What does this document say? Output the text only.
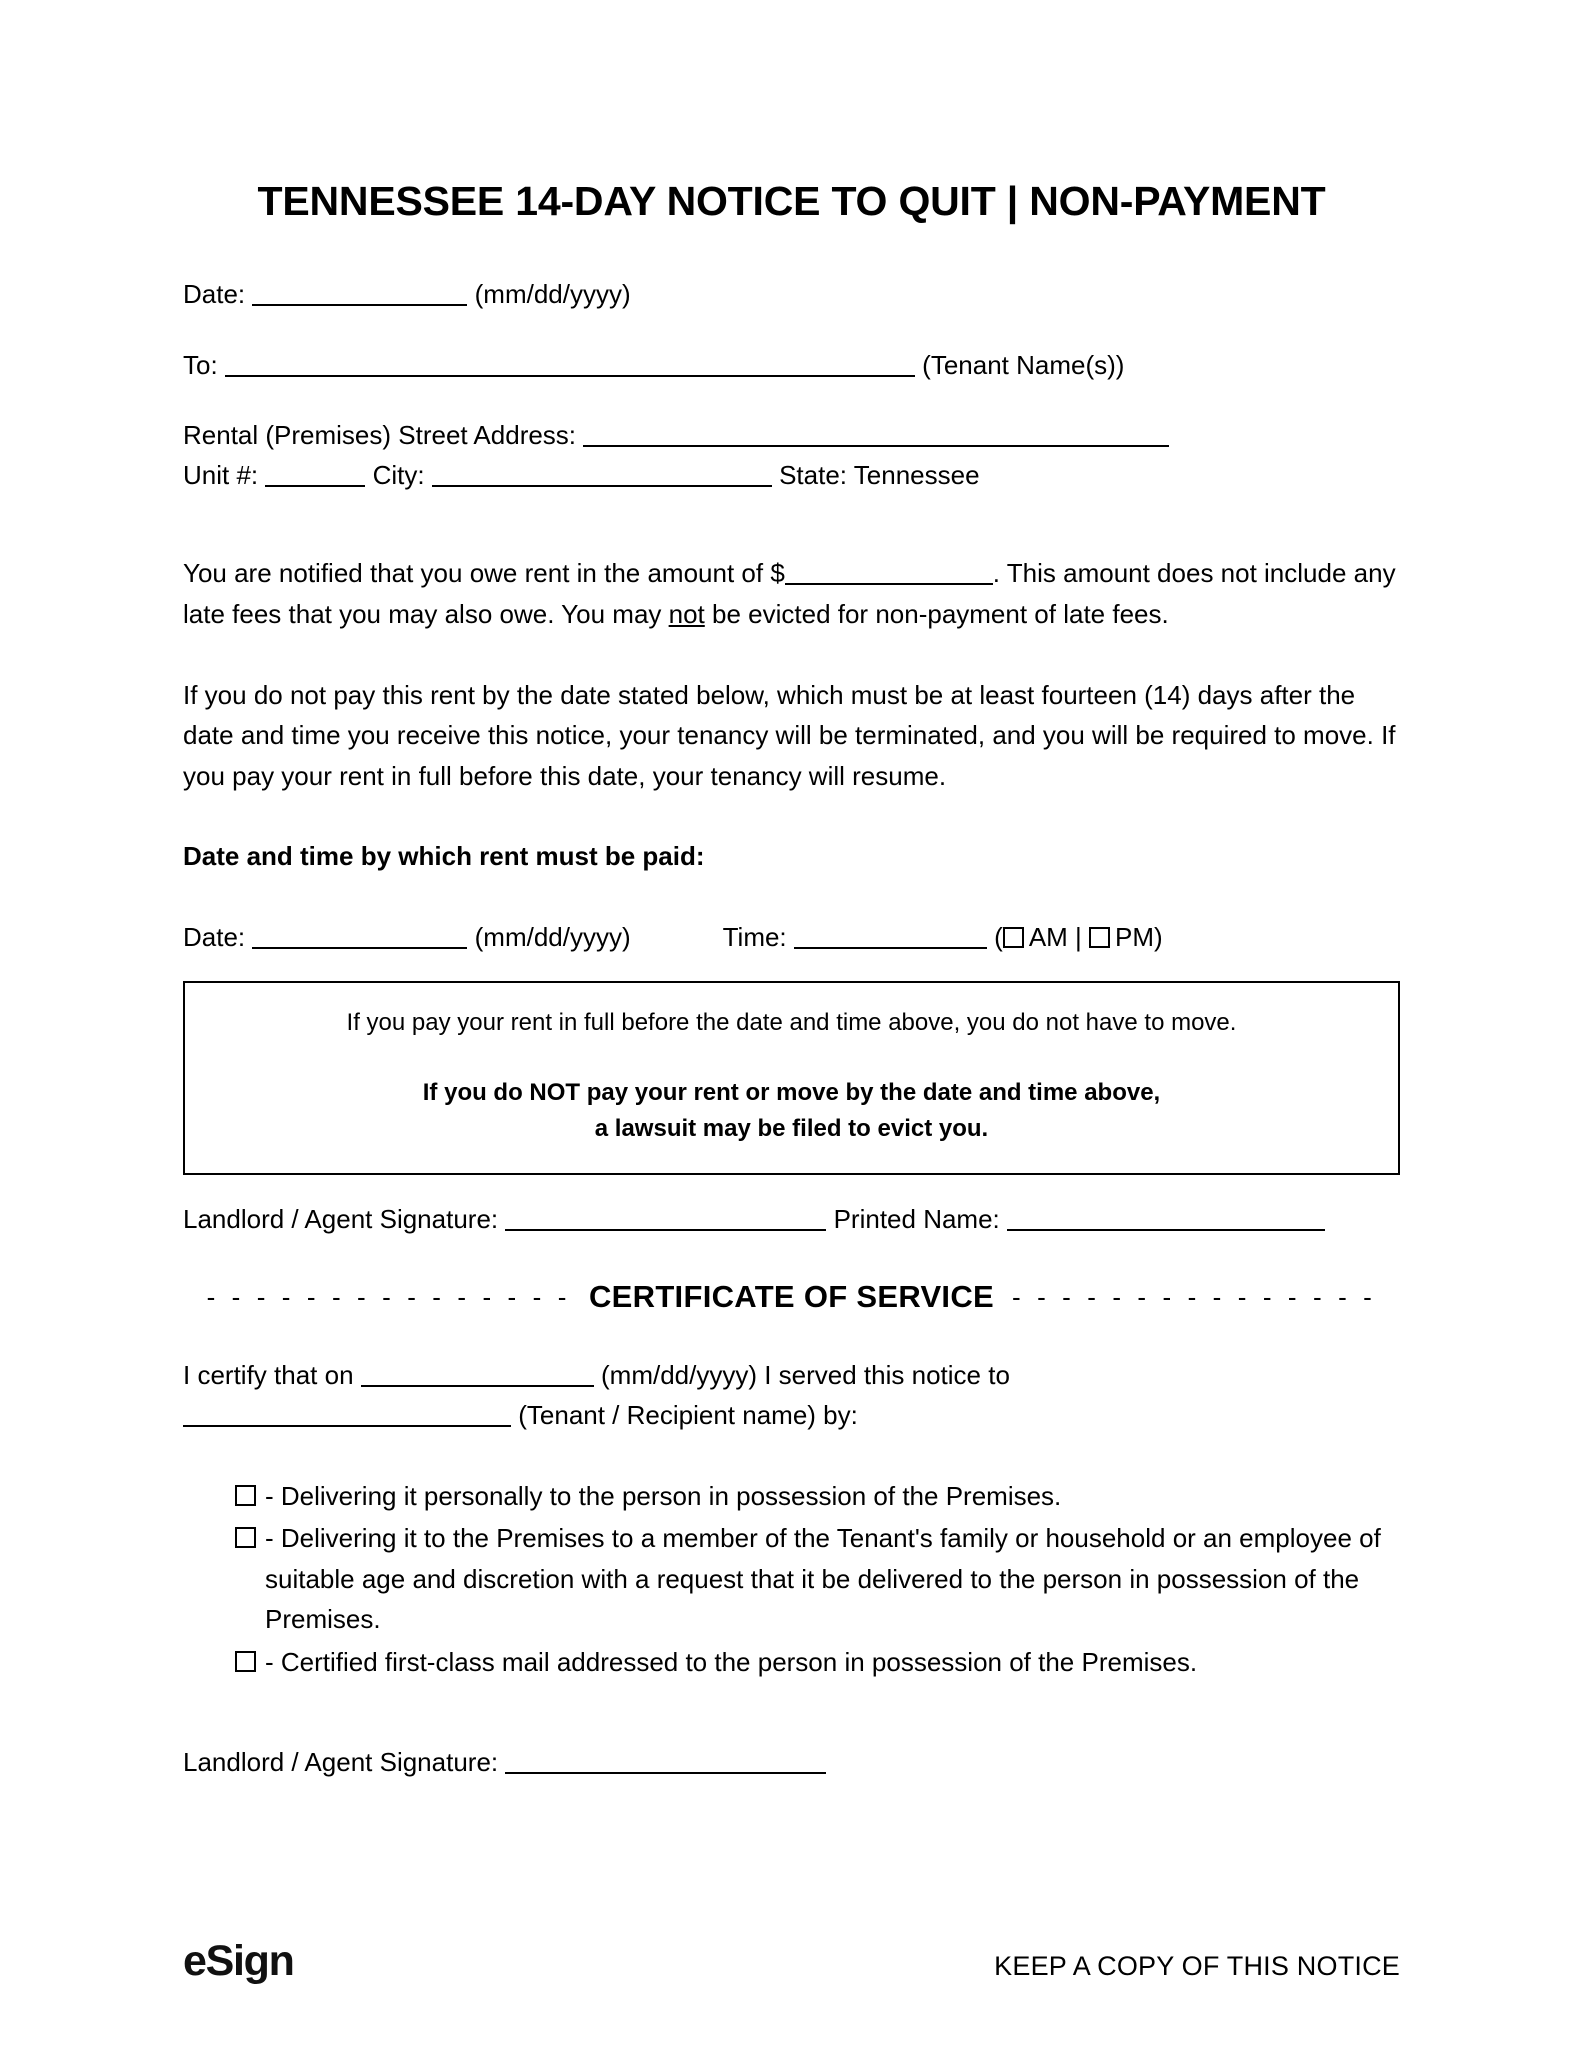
TENNESSEE 14-DAY NOTICE TO QUIT | NON-PAYMENT
Date:	(mm/dd/yyyy)
To:	(Tenant Name(s))
Rental (Premises) Street Address:
Unit #:	City:	State: Tennessee
You are notified that you owe rent in the amount of $	. This amount does not include any late fees that you may also owe. You may not be evicted for non-payment of late fees.
If you do not pay this rent by the date stated below, which must be at least fourteen (14) days after the date and time you receive this notice, your tenancy will be terminated, and you will be required to move. If you pay your rent in full before this date, your tenancy will resume.
Date and time by which rent must be paid:
Date:	(mm/dd/yyyy)	Time:	( AM | PM)
If you pay your rent in full before the date and time above, you do not have to move.
If you do NOT pay your rent or move by the date and time above,
a lawsuit may be filed to evict you.
Landlord / Agent Signature:	Printed Name:
- - - - - - - - - - - - - - - CERTIFICATE OF SERVICE - - - - - - - - - - - - - - -
I certify that on	(mm/dd/yyyy) I served this notice to
(Tenant / Recipient name) by:
- Delivering it personally to the person in possession of the Premises.
- Delivering it to the Premises to a member of the Tenant's family or household or an employee of suitable age and discretion with a request that it be delivered to the person in possession of the Premises.
- Certified first-class mail addressed to the person in possession of the Premises.
Landlord / Agent Signature:
eSign	KEEP A COPY OF THIS NOTICE
